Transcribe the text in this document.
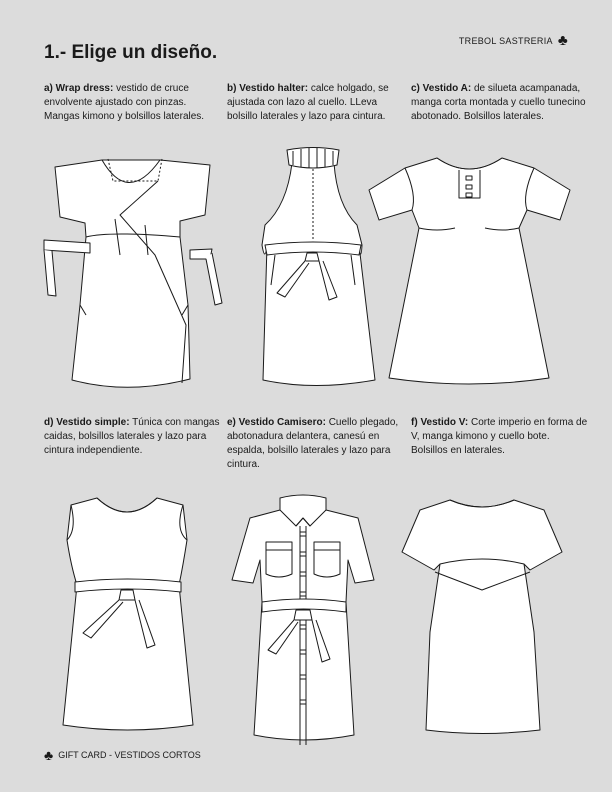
TREBOL SASTRERIA ♣
1.- Elige un diseño.
a) Wrap dress: vestido de cruce envolvente ajustado con pinzas. Mangas kimono y bolsillos laterales.
b) Vestido halter: calce holgado, se ajustada con lazo al cuello. LLeva bolsillo laterales y lazo para cintura.
c) Vestido A: de silueta acampanada, manga corta montada y cuello tunecino abotonado. Bolsillos laterales.
d) Vestido simple: Túnica con mangas caidas, bolsillos laterales y lazo para cintura independiente.
e) Vestido Camisero: Cuello plegado, abotonadura delantera, canesú en espalda, bolsillo laterales y lazo para cintura.
f) Vestido V: Corte imperio en forma de V, manga kimono y cuello bote. Bolsillos en laterales.
♣ GIFT CARD - VESTIDOS CORTOS
